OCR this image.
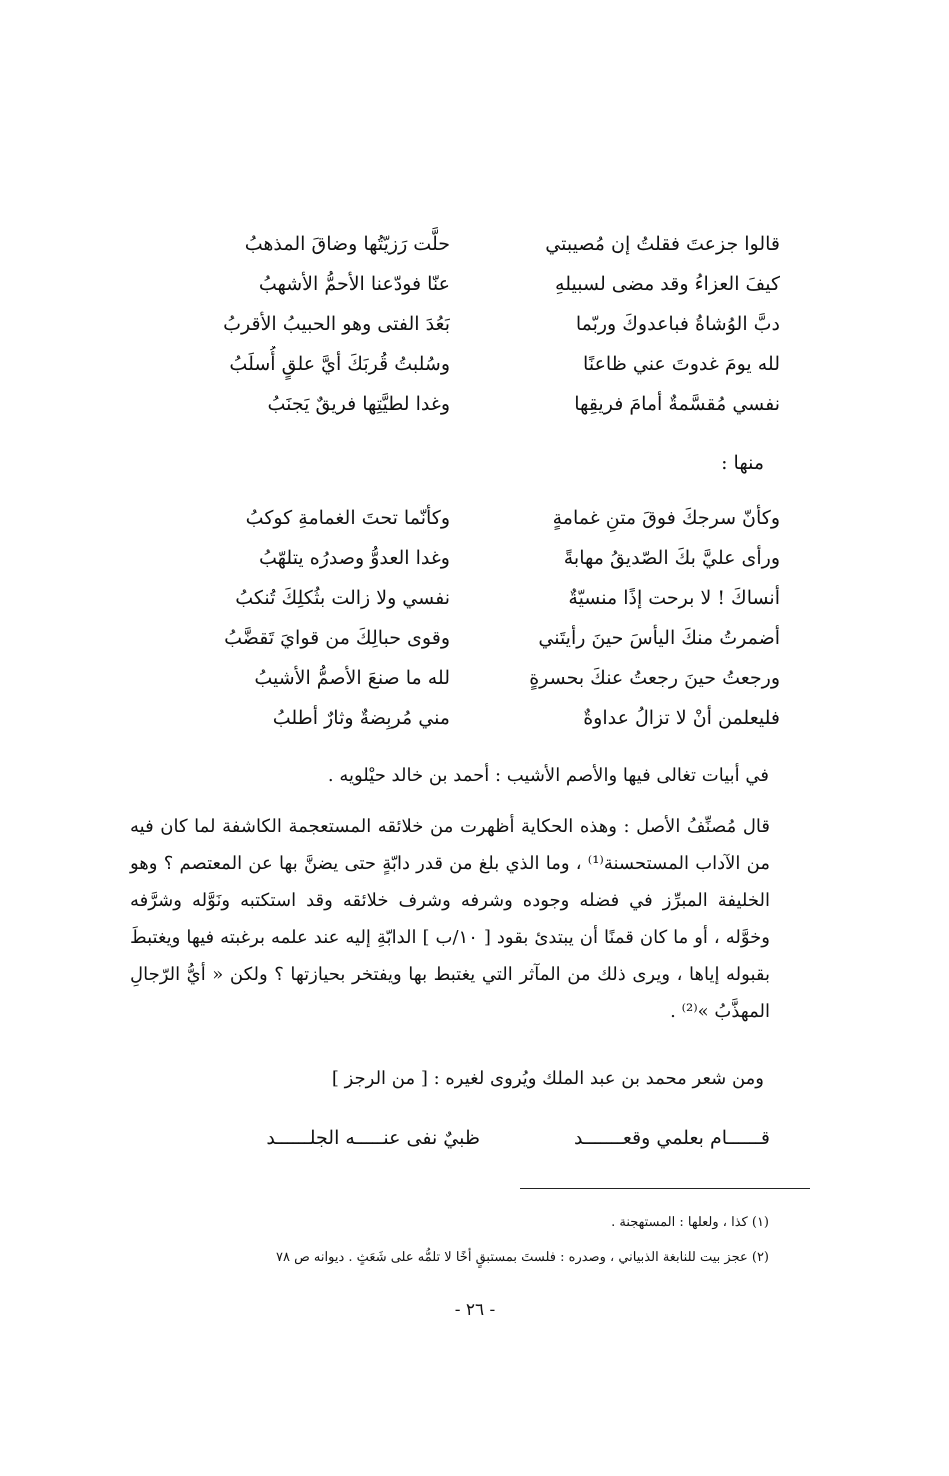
قالوا جزعتَ فقلتُ إن مُصيبتي
حلَّت رَزيّتُها وضاقَ المذهبُ
كيفَ العزاءُ وقد مضى لسبيلهِ
عنّا فودّعنا الأحمُّ الأشهبُ
دبَّ الوُشاةُ فباعدوكَ وربّما
بَعُدَ الفتى وهو الحبيبُ الأقربُ
لله يومَ غدوتَ عني ظاعنًا
وسُلبتُ قُربَكَ أيَّ علقٍ أُسلَبُ
نفسي مُقسَّمةٌ أمامَ فريقِها
وغدا لطيَّتِها فريقٌ يَجنَبُ
منها :
وكأنّ سرجكَ فوقَ متنِ غمامةٍ
وكأنّما تحتَ الغمامةِ كوكبُ
ورأى عليَّ بكَ الصّديقُ مهابةً
وغدا العدوُّ وصدرُه يتلهّبُ
أنساكَ ! لا برحت إذًا منسيّةٌ
نفسي ولا زالت بثُكلِكَ تُنكبُ
أضمرتُ منكَ اليأسَ حينَ رأيتَني
وقوى حبالِكَ من قوايَ تَقضَّبُ
ورجعتُ حينَ رجعتُ عنكَ بحسرةٍ
لله ما صنعَ الأصمُّ الأشيبُ
فليعلمن أنْ لا تزالُ عداوةٌ
مني مُربِضةٌ وثارٌ أطلبُ
في أبيات تغالى فيها والأصم الأشيب : أحمد بن خالد حيْلويه .

قال مُصنِّفُ الأصل : وهذه الحكاية أظهرت من خلائقه المستعجمة الكاشفة لما كان فيه من الآداب المستحسنة⁽¹⁾ ، وما الذي بلغ من قدر دابّةٍ حتى يضنَّ بها عن المعتصم ؟ وهو الخليفة المبرِّز في فضله وجوده وشرفه وشرف خلائقه وقد استكتبه ونَوَّله وشرَّفه وخوَّله ، أو ما كان قمنًا أن يبتدئ بقود [ ١٠/ب ] الدابّةِ إليه عند علمه برغبته فيها ويغتبطَ بقبوله إياها ، ويرى ذلك من المآثر التي يغتبط بها ويفتخر بحيازتها ؟ ولكن « أيُّ الرّجالِ المهذَّبُ »⁽²⁾ .

ومن شعر محمد بن عبد الملك ويُروى لغيره : [ من الرجز ]
قــــــام بعلمي وقعـــــــد
ظبيٌ نفى عنـــــه الجلــــــد
(١) كذا ، ولعلها : المستهجنة .
(٢) عجز بيت للنابغة الذبياني ، وصدره : فلستَ بمستبقٍ أخًا لا تلمُّه على شَعَثٍ . ديوانه ص ٧٨
- ٢٦ -
